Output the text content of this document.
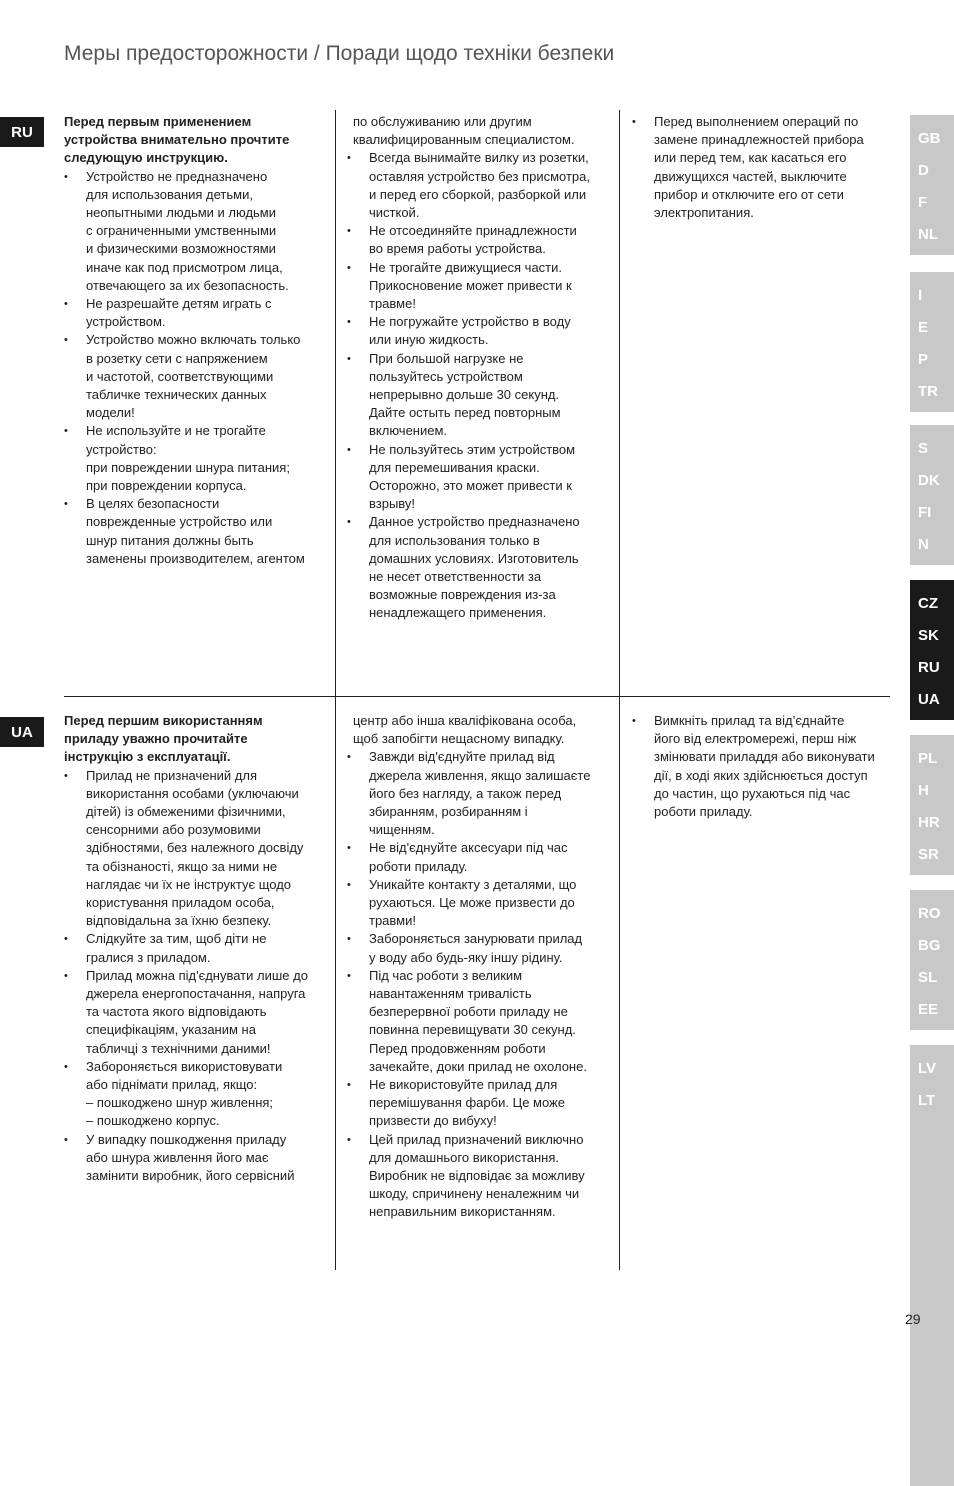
Меры предосторожности / Поради щодо техніки безпеки
RU

Перед первым применением
устройства внимательно прочтите
следующую инструкцию.

• Устройство не предназначено
для использования детьми,
неопытными людьми и людьми
с ограниченными умственными
и физическими возможностями
иначе как под присмотром лица,
отвечающего за их безопасность.
• Не разрешайте детям играть с
устройством.
• Устройство можно включать только
в розетку сети с напряжением
и частотой, соответствующими
табличке технических данных
модели!
• Не используйте и не трогайте
устройство:
при повреждении шнура питания;
при повреждении корпуса.
• В целях безопасности
поврежденные устройство или
шнур питания должны быть
заменены производителем, агентом
по обслуживанию или другим
квалифицированным специалистом.
• Всегда вынимайте вилку из розетки,
оставляя устройство без присмотра,
и перед его сборкой, разборкой или
чисткой.
• Не отсоединяйте принадлежности
во время работы устройства.
• Не трогайте движущиеся части.
Прикосновение может привести к
травме!
• Не погружайте устройство в воду
или иную жидкость.
• При большой нагрузке не
пользуйтесь устройством
непрерывно дольше 30 секунд.
Дайте остыть перед повторным
включением.
• Не пользуйтесь этим устройством
для перемешивания краски.
Осторожно, это может привести к
взрыву!
• Данное устройство предназначено
для использования только в
домашних условиях. Изготовитель
не несет ответственности за
возможные повреждения из-за
ненадлежащего применения.
• Перед выполнением операций по
замене принадлежностей прибора
или перед тем, как касаться его
движущихся частей, выключите
прибор и отключите его от сети
электропитания.
UA

Перед першим використанням
приладу уважно прочитайте
інструкцію з експлуатації.

• Прилад не призначений для
використання особами (уключаючи
дітей) із обмеженими фізичними,
сенсорними або розумовими
здібностями, без належного досвіду
та обізнаності, якщо за ними не
наглядає чи їх не інструктує щодо
користування приладом особа,
відповідальна за їхню безпеку.
• Слідкуйте за тим, щоб діти не
гралися з приладом.
• Прилад можна під'єднувати лише до
джерела енергопостачання, напруга
та частота якого відповідають
специфікаціям, указаним на
табличці з технічними даними!
• Забороняється використовувати
або піднімати прилад, якщо:
– пошкоджено шнур живлення;
– пошкоджено корпус.
• У випадку пошкодження приладу
або шнура живлення його має
замінити виробник, його сервісний
центр або інша кваліфікована особа,
щоб запобігти нещасному випадку.
• Завжди від'єднуйте прилад від
джерела живлення, якщо залишаєте
його без нагляду, а також перед
збиранням, розбиранням і
чищенням.
• Не від'єднуйте аксесуари під час
роботи приладу.
• Уникайте контакту з деталями, що
рухаються. Це може призвести до
травми!
• Забороняється занурювати прилад
у воду або будь-яку іншу рідину.
• Під час роботи з великим
навантаженням тривалість
безперервної роботи приладу не
повинна перевищувати 30 секунд.
Перед продовженням роботи
зачекайте, доки прилад не охолоне.
• Не використовуйте прилад для
перемішування фарби. Це може
призвести до вибуху!
• Цей прилад призначений виключно
для домашнього використання.
Виробник не відповідає за можливу
шкоду, спричинену неналежним чи
неправильним використанням.
• Вимкніть прилад та від’єднайте
його від електромережі, перш ніж
змінювати приладдя або виконувати
дії, в ході яких здійснюється доступ
до частин, що рухаються під час
роботи приладу.
GB
D
F
NL
I
E
P
TR
S
DK
FI
N
CZ
SK
RU
UA
PL
H
HR
SR
RO
BG
SL
EE
LV
LT
29
